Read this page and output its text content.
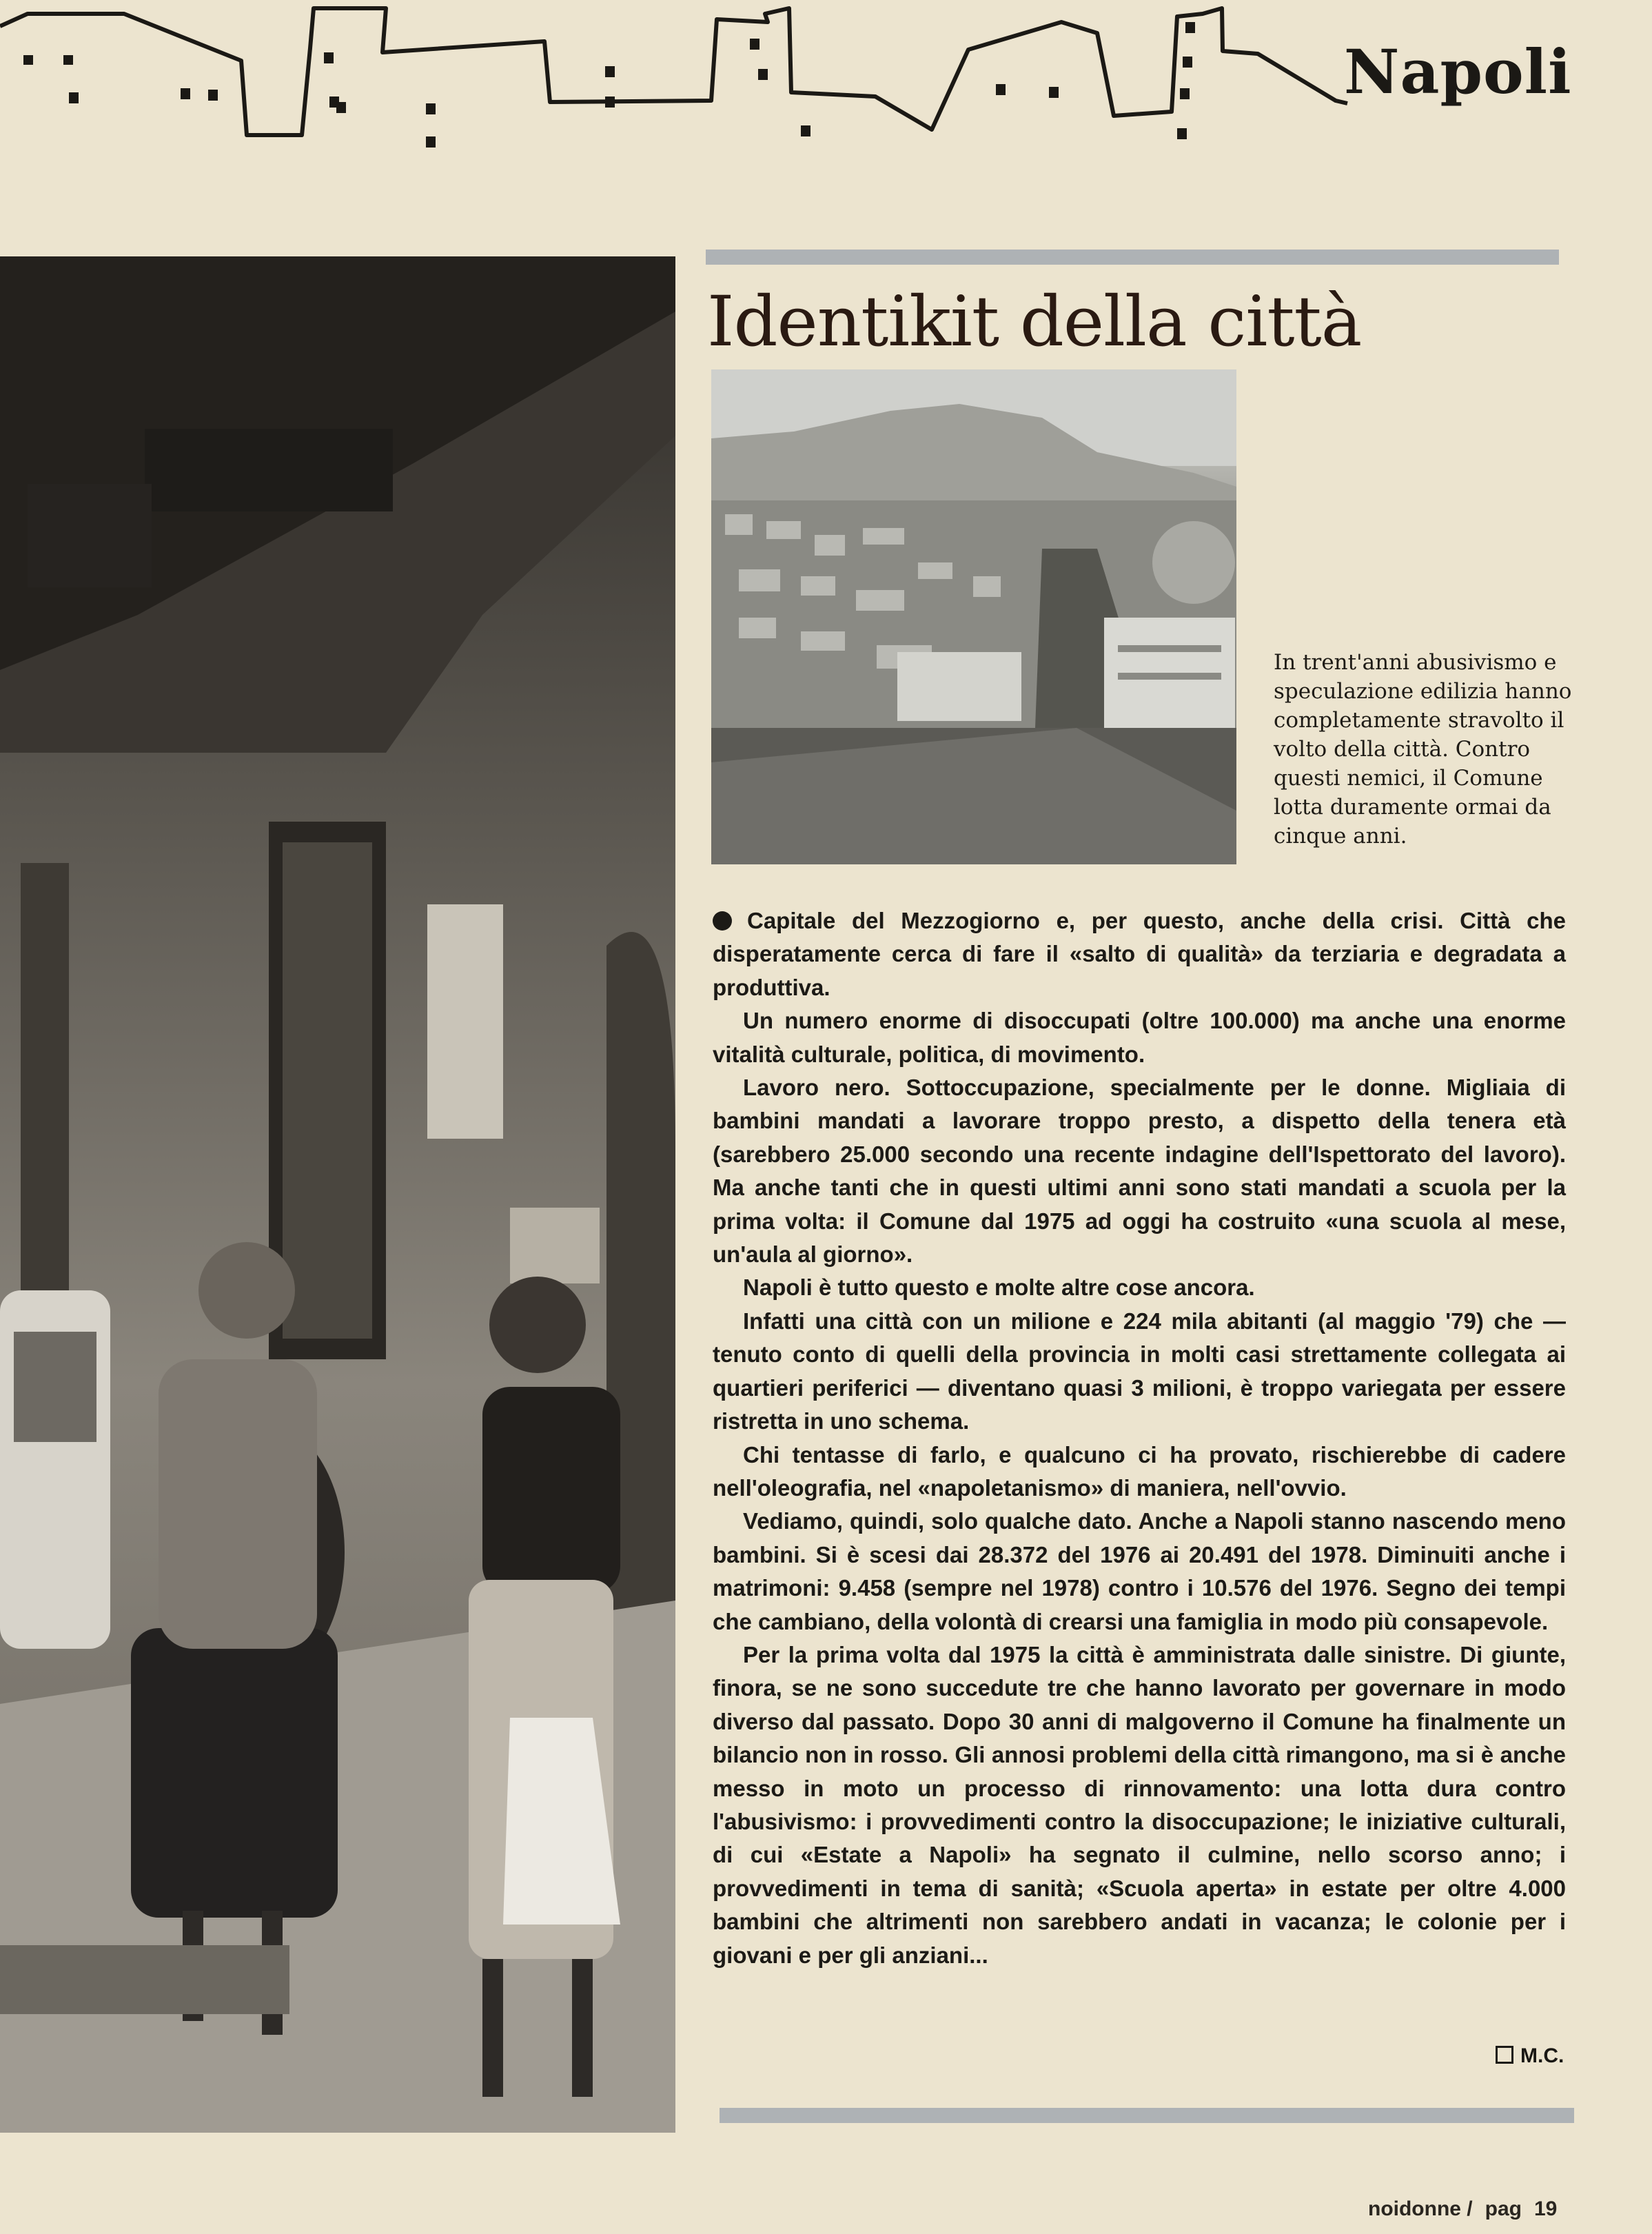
Napoli
Identikit della città
In trent'anni abusivismo e speculazione edilizia hanno completamente stravolto il volto della città. Contro questi nemici, il Comune lotta duramente ormai da cinque anni.

Capitale del Mezzogiorno e, per questo, anche della crisi. Città che disperatamente cerca di fare il «salto di qualità» da terziaria e degradata a produttiva.

Un numero enorme di disoccupati (oltre 100.000) ma anche una enorme vitalità culturale, politica, di movimento.

Lavoro nero. Sottoccupazione, specialmente per le donne. Migliaia di bambini mandati a lavorare troppo presto, a dispetto della tenera età (sarebbero 25.000 secondo una recente indagine dell'Ispettorato del lavoro). Ma anche tanti che in questi ultimi anni sono stati mandati a scuola per la prima volta: il Comune dal 1975 ad oggi ha costruito «una scuola al mese, un'aula al giorno».

Napoli è tutto questo e molte altre cose ancora.

Infatti una città con un milione e 224 mila abitanti (al maggio '79) che — tenuto conto di quelli della provincia in molti casi strettamente collegata ai quartieri periferici — diventano quasi 3 milioni, è troppo variegata per essere ristretta in uno schema.

Chi tentasse di farlo, e qualcuno ci ha provato, rischierebbe di cadere nell'oleografia, nel «napoletanismo» di maniera, nell'ovvio.

Vediamo, quindi, solo qualche dato. Anche a Napoli stanno nascendo meno bambini. Si è scesi dai 28.372 del 1976 ai 20.491 del 1978. Diminuiti anche i matrimoni: 9.458 (sempre nel 1978) contro i 10.576 del 1976. Segno dei tempi che cambiano, della volontà di crearsi una famiglia in modo più consapevole.

Per la prima volta dal 1975 la città è amministrata dalle sinistre. Di giunte, finora, se ne sono succedute tre che hanno lavorato per governare in modo diverso dal passato. Dopo 30 anni di malgoverno il Comune ha finalmente un bilancio non in rosso. Gli annosi problemi della città rimangono, ma si è anche messo in moto un processo di rinnovamento: una lotta dura contro l'abusivismo: i provvedimenti contro la disoccupazione; le iniziative culturali, di cui «Estate a Napoli» ha segnato il culmine, nello scorso anno; i provvedimenti in tema di sanità; «Scuola aperta» in estate per oltre 4.000 bambini che altrimenti non sarebbero andati in vacanza; le colonie per i giovani e per gli anziani...

M.C.
noidonne / pag 19
